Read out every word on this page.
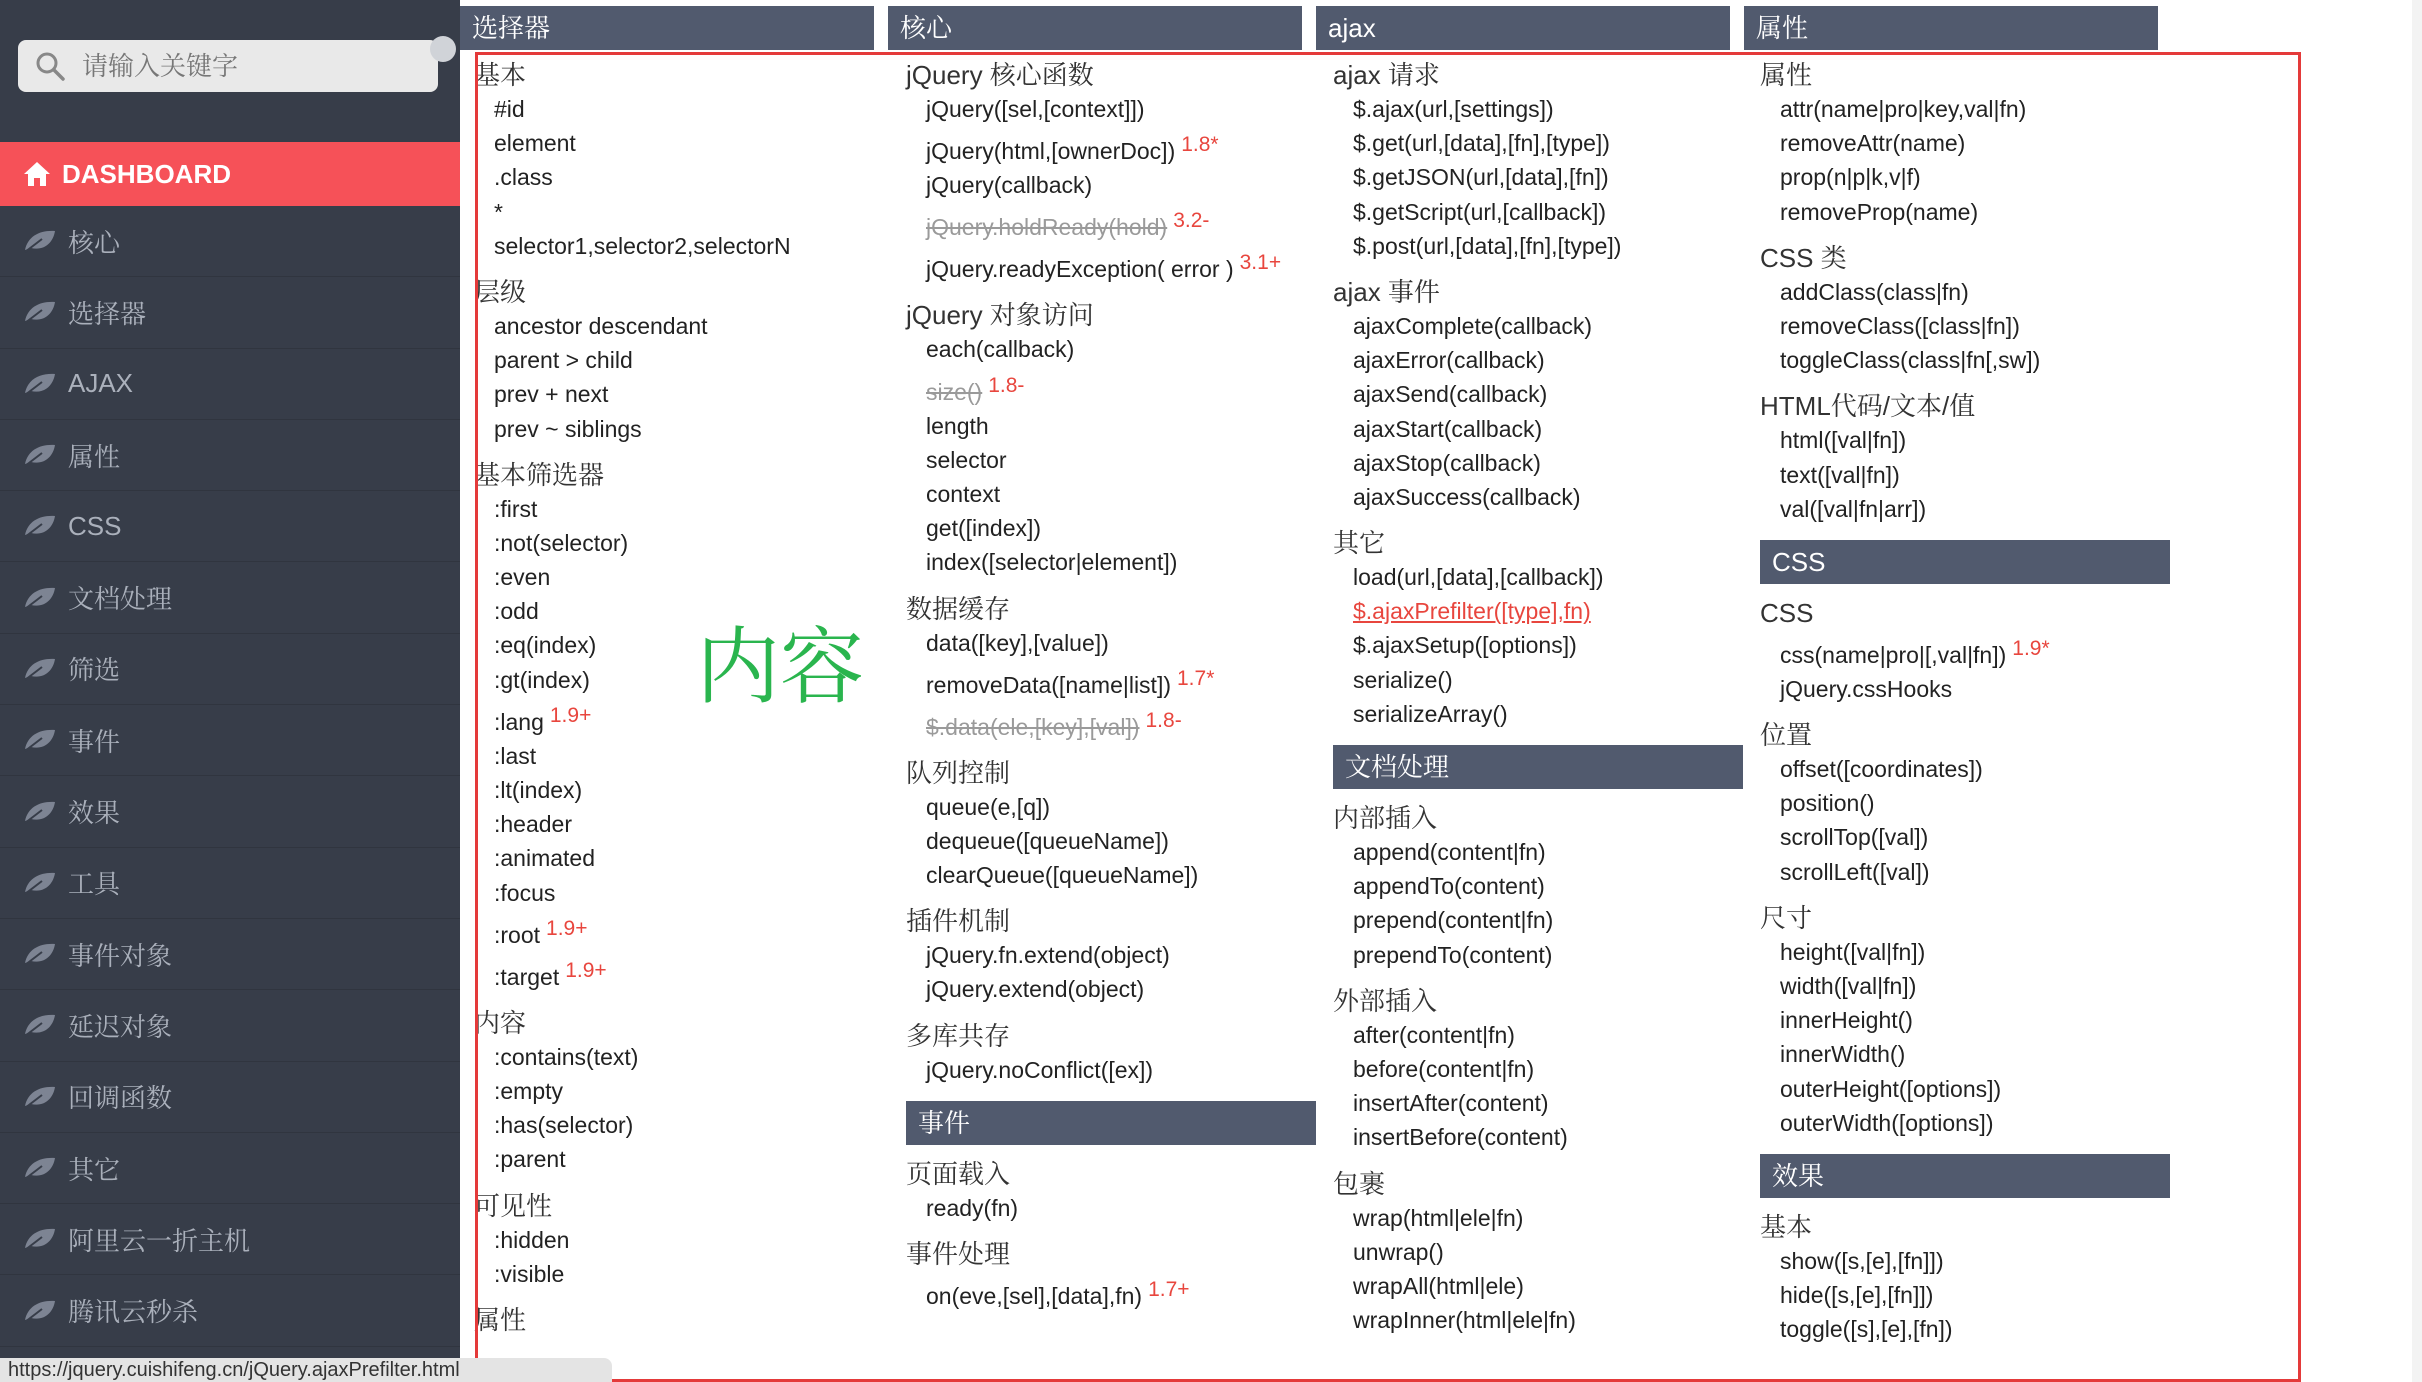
请输入关键字
DASHBOARD
核心
选择器
AJAX
属性
CSS
文档处理
筛选
事件
效果
工具
事件对象
延迟对象
回调函数
其它
阿里云一折主机
腾讯云秒杀
选择器	核心	ajax	属性
基本
#id
element
.class
*
selector1,selector2,selectorN
层级
ancestor descendant
parent > child
prev + next
prev ~ siblings
基本筛选器
:first
:not(selector)
:even
:odd
:eq(index)
:gt(index)
:lang 1.9+
:last
:lt(index)
:header
:animated
:focus
:root 1.9+
:target 1.9+
内容
:contains(text)
:empty
:has(selector)
:parent
可见性
:hidden
:visible
属性
jQuery 核心函数
jQuery([sel,[context]])
jQuery(html,[ownerDoc]) 1.8*
jQuery(callback)
jQuery.holdReady(hold) 3.2-
jQuery.readyException( error ) 3.1+
jQuery 对象访问
each(callback)
size() 1.8-
length
selector
context
get([index])
index([selector|element])
数据缓存
data([key],[value])
removeData([name|list]) 1.7*
$.data(ele,[key],[val]) 1.8-
队列控制
queue(e,[q])
dequeue([queueName])
clearQueue([queueName])
插件机制
jQuery.fn.extend(object)
jQuery.extend(object)
多库共存
jQuery.noConflict([ex])
事件
页面载入
ready(fn)
事件处理
on(eve,[sel],[data],fn) 1.7+
ajax 请求
$.ajax(url,[settings])
$.get(url,[data],[fn],[type])
$.getJSON(url,[data],[fn])
$.getScript(url,[callback])
$.post(url,[data],[fn],[type])
ajax 事件
ajaxComplete(callback)
ajaxError(callback)
ajaxSend(callback)
ajaxStart(callback)
ajaxStop(callback)
ajaxSuccess(callback)
其它
load(url,[data],[callback])
$.ajaxPrefilter([type],fn)
$.ajaxSetup([options])
serialize()
serializeArray()
文档处理
内部插入
append(content|fn)
appendTo(content)
prepend(content|fn)
prependTo(content)
外部插入
after(content|fn)
before(content|fn)
insertAfter(content)
insertBefore(content)
包裹
wrap(html|ele|fn)
unwrap()
wrapAll(html|ele)
wrapInner(html|ele|fn)
属性
attr(name|pro|key,val|fn)
removeAttr(name)
prop(n|p|k,v|f)
removeProp(name)
CSS 类
addClass(class|fn)
removeClass([class|fn])
toggleClass(class|fn[,sw])
HTML代码/文本/值
html([val|fn])
text([val|fn])
val([val|fn|arr])
CSS
CSS
css(name|pro|[,val|fn]) 1.9*
jQuery.cssHooks
位置
offset([coordinates])
position()
scrollTop([val])
scrollLeft([val])
尺寸
height([val|fn])
width([val|fn])
innerHeight()
innerWidth()
outerHeight([options])
outerWidth([options])
效果
基本
show([s,[e],[fn]])
hide([s,[e],[fn]])
toggle([s],[e],[fn])
内容
https://jquery.cuishifeng.cn/jQuery.ajaxPrefilter.html
